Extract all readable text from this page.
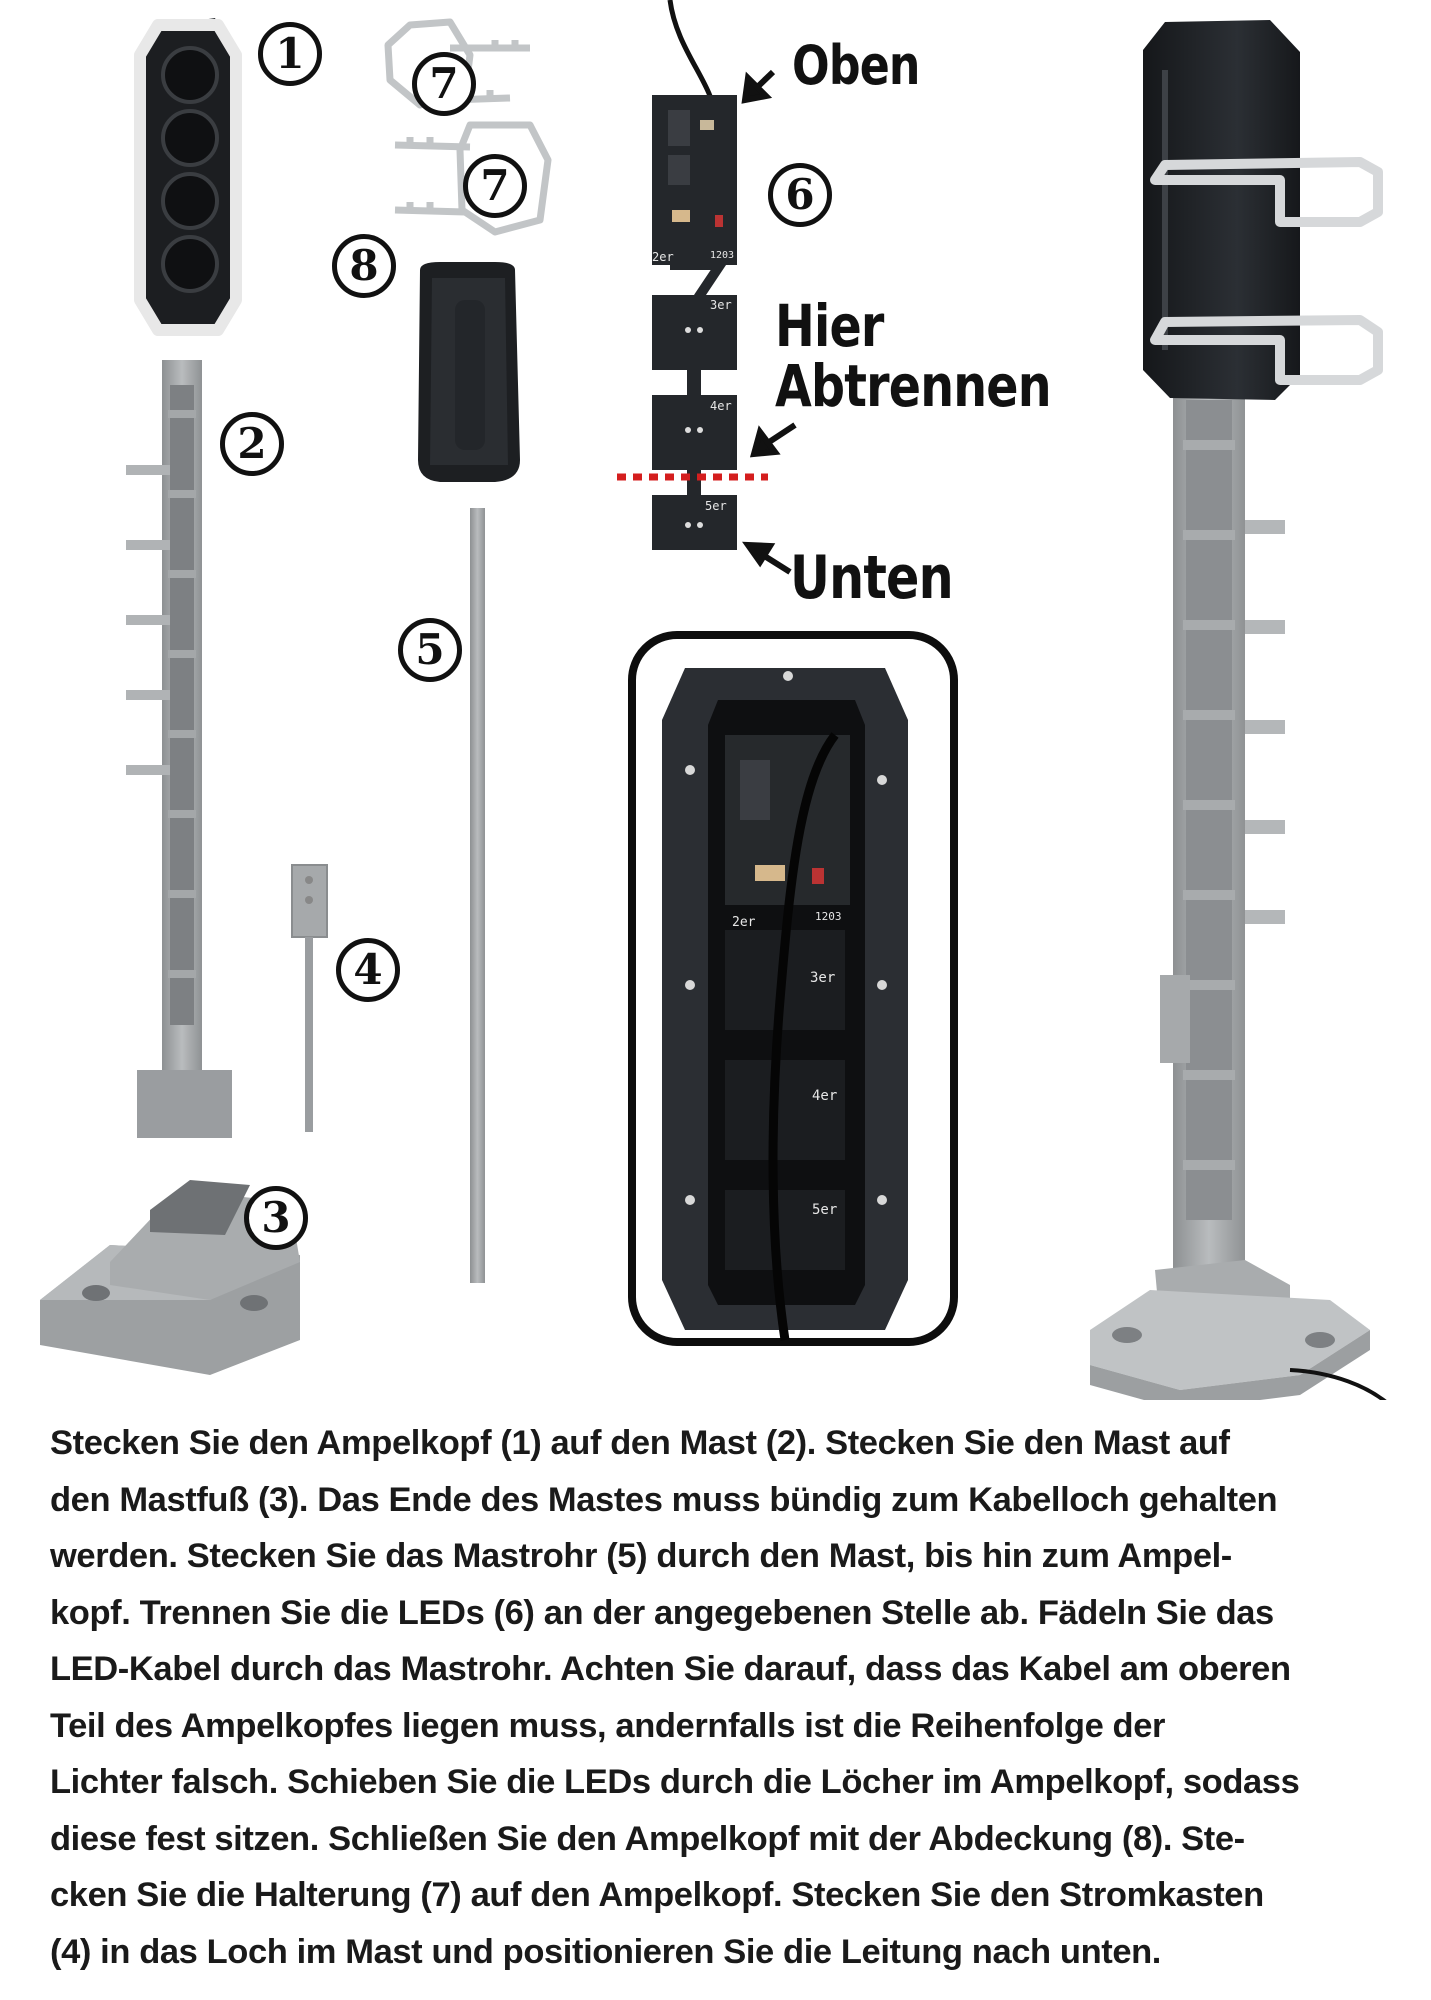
1
7
7
8
6
2
5
4
3
Oben
Hier
Abtrennen
Unten
2er
3er
4er
5er
1203
2er	1203
3er
4er
5er
Stecken Sie den Ampelkopf (1) auf den Mast (2). Stecken Sie den Mast auf
den Mastfuß (3). Das Ende des Mastes muss bündig zum Kabelloch gehalten
werden. Stecken Sie das Mastrohr (5) durch den Mast, bis hin zum Ampel-
kopf. Trennen Sie die LEDs (6) an der angegebenen Stelle ab. Fädeln Sie das
LED-Kabel durch das Mastrohr. Achten Sie darauf, dass das Kabel am oberen
Teil des Ampelkopfes liegen muss, andernfalls ist die Reihenfolge der
Lichter falsch. Schieben Sie die LEDs durch die Löcher im Ampelkopf, sodass
diese fest sitzen. Schließen Sie den Ampelkopf mit der Abdeckung (8). Ste-
cken Sie die Halterung (7) auf den Ampelkopf. Stecken Sie den Stromkasten
(4) in das Loch im Mast und positionieren Sie die Leitung nach unten.
